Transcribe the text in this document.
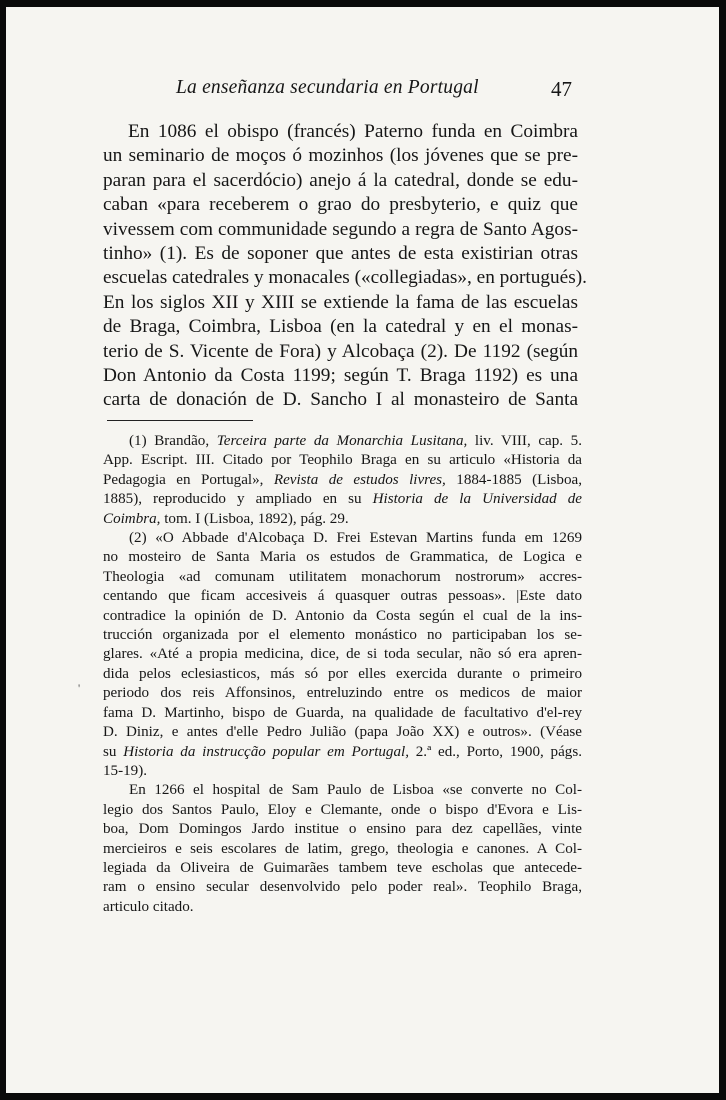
La enseñanza secundaria en Portugal	47
En 1086 el obispo (francés) Paterno funda en Coimbra
un seminario de moços ó mozinhos (los jóvenes que se pre-
paran para el sacerdócio) anejo á la catedral, donde se edu-
caban «para receberem o grao do presbyterio, e quiz que
vivessem com communidade segundo a regra de Santo Agos-
tinho» (1). Es de soponer que antes de esta existirian otras
escuelas catedrales y monacales («collegiadas», en portugués).
En los siglos XII y XIII se extiende la fama de las escuelas
de Braga, Coimbra, Lisboa (en la catedral y en el monas-
terio de S. Vicente de Fora) y Alcobaça (2). De 1192 (según
Don Antonio da Costa 1199; según T. Braga 1192) es una
carta de donación de D. Sancho I al monasteiro de Santa
(1) Brandão, Terceira parte da Monarchia Lusitana, liv. VIII, cap. 5.
App. Escript. III. Citado por Teophilo Braga en su articulo «Historia da
Pedagogia en Portugal», Revista de estudos livres, 1884-1885 (Lisboa,
1885), reproducido y ampliado en su Historia de la Universidad de
Coimbra, tom. I (Lisboa, 1892), pág. 29.
(2) «O Abbade d'Alcobaça D. Frei Estevan Martins funda em 1269
no mosteiro de Santa Maria os estudos de Grammatica, de Logica e
Theologia «ad comunam utilitatem monachorum nostrorum» accres-
centando que ficam accesiveis á quasquer outras pessoas». |Este dato
contradice la opinión de D. Antonio da Costa según el cual de la ins-
trucción organizada por el elemento monástico no participaban los se-
glares. «Até a propia medicina, dice, de si toda secular, não só era apren-
dida pelos eclesiasticos, más só por elles exercida durante o primeiro
periodo dos reis Affonsinos, entreluzindo entre os medicos de maior
fama D. Martinho, bispo de Guarda, na qualidade de facultativo d'el-rey
D. Diniz, e antes d'elle Pedro Julião (papa João XX) e outros». (Véase
su Historia da instrucção popular em Portugal, 2.ª ed., Porto, 1900, págs.
15-19).
En 1266 el hospital de Sam Paulo de Lisboa «se converte no Col-
legio dos Santos Paulo, Eloy e Clemante, onde o bispo d'Evora e Lis-
boa, Dom Domingos Jardo institue o ensino para dez capellães, vinte
mercieiros e seis escolares de latim, grego, theologia e canones. A Col-
legiada da Oliveira de Guimarães tambem teve escholas que antecede-
ram o ensino secular desenvolvido pelo poder real». Teophilo Braga,
articulo citado.
'
